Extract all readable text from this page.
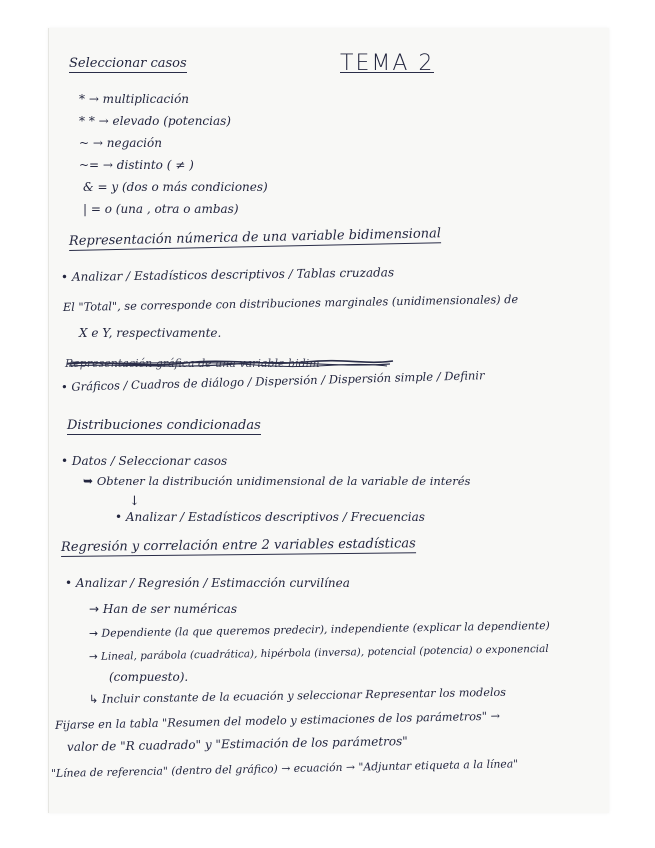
TEMA 2
Seleccionar casos
* → multiplicación
* * → elevado (potencias)
~ → negación
~= → distinto ( ≠ )
& = y (dos o más condiciones)
| = o (una , otra o ambas)
Representación númerica de una variable bidimensional
• Analizar / Estadísticos descriptivos / Tablas cruzadas
El "Total", se corresponde con distribuciones marginales (unidimensionales) de
X e Y, respectivamente.
Representación gráfica de una variable bidim
• Gráficos / Cuadros de diálogo / Dispersión / Dispersión simple / Definir
Distribuciones condicionadas
• Datos / Seleccionar casos
➥ Obtener la distribución unidimensional de la variable de interés
↓
• Analizar / Estadísticos descriptivos / Frecuencias
Regresión y correlación entre 2 variables estadísticas
• Analizar / Regresión / Estimacción curvilínea
→ Han de ser numéricas
→ Dependiente (la que queremos predecir), independiente (explicar la dependiente)
→ Lineal, parábola (cuadrática), hipérbola (inversa), potencial (potencia) o exponencial
(compuesto).
↳ Incluir constante de la ecuación y seleccionar Representar los modelos
Fijarse en la tabla "Resumen del modelo y estimaciones de los parámetros" →
valor de "R cuadrado" y "Estimación de los parámetros"
"Línea de referencia" (dentro del gráfico) → ecuación → "Adjuntar etiqueta a la línea"
